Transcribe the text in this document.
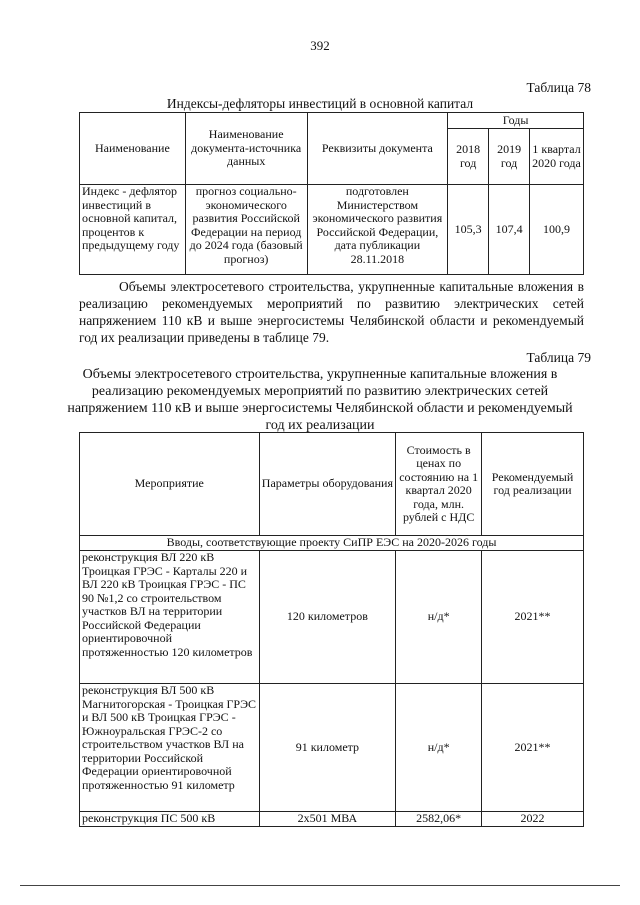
392
Таблица 78
Индексы-дефляторы инвестиций в основной капитал
Наименование	Наименование документа-источника данных	Реквизиты документа	Годы		
			2018 год	2019 год	1 квартал 2020 года
Индекс - дефлятор инвестиций в основной капитал, процентов к предыдущему году	прогноз социально-экономического развития Российской Федерации на период до 2024 года (базовый прогноз)	подготовлен Министерством экономического развития Российской Федерации, дата публикации 28.11.2018	105,3	107,4	100,9
Объемы электросетевого строительства, укрупненные капитальные вложения в реализацию рекомендуемых мероприятий по развитию электрических сетей напряжением 110 кВ и выше энергосистемы Челябинской области и рекомендуемый год их реализации приведены в таблице 79.
Таблица 79
Объемы электросетевого строительства, укрупненные капитальные вложения в реализацию рекомендуемых мероприятий по развитию электрических сетей напряжением 110 кВ и выше энергосистемы Челябинской области и рекомендуемый год их реализации
Мероприятие	Параметры оборудования	Стоимость в ценах по состоянию на 1 квартал 2020 года, млн. рублей с НДС	Рекомендуемый год реализации
Вводы, соответствующие проекту СиПР ЕЭС на 2020-2026 годы			
реконструкция ВЛ 220 кВ Троицкая ГРЭС - Карталы 220 и ВЛ 220 кВ Троицкая ГРЭС - ПС 90 №1,2 со строительством участков ВЛ на территории Российской Федерации ориентировочной протяженностью 120 километров	120 километров	н/д*	2021**
реконструкция ВЛ 500 кВ Магнитогорская - Троицкая ГРЭС и ВЛ 500 кВ Троицкая ГРЭС - Южноуральская ГРЭС-2 со строительством участков ВЛ на территории Российской Федерации ориентировочной протяженностью 91 километр	91 километр	н/д*	2021**
реконструкция ПС 500 кВ	2х501 МВА	2582,06*	2022
